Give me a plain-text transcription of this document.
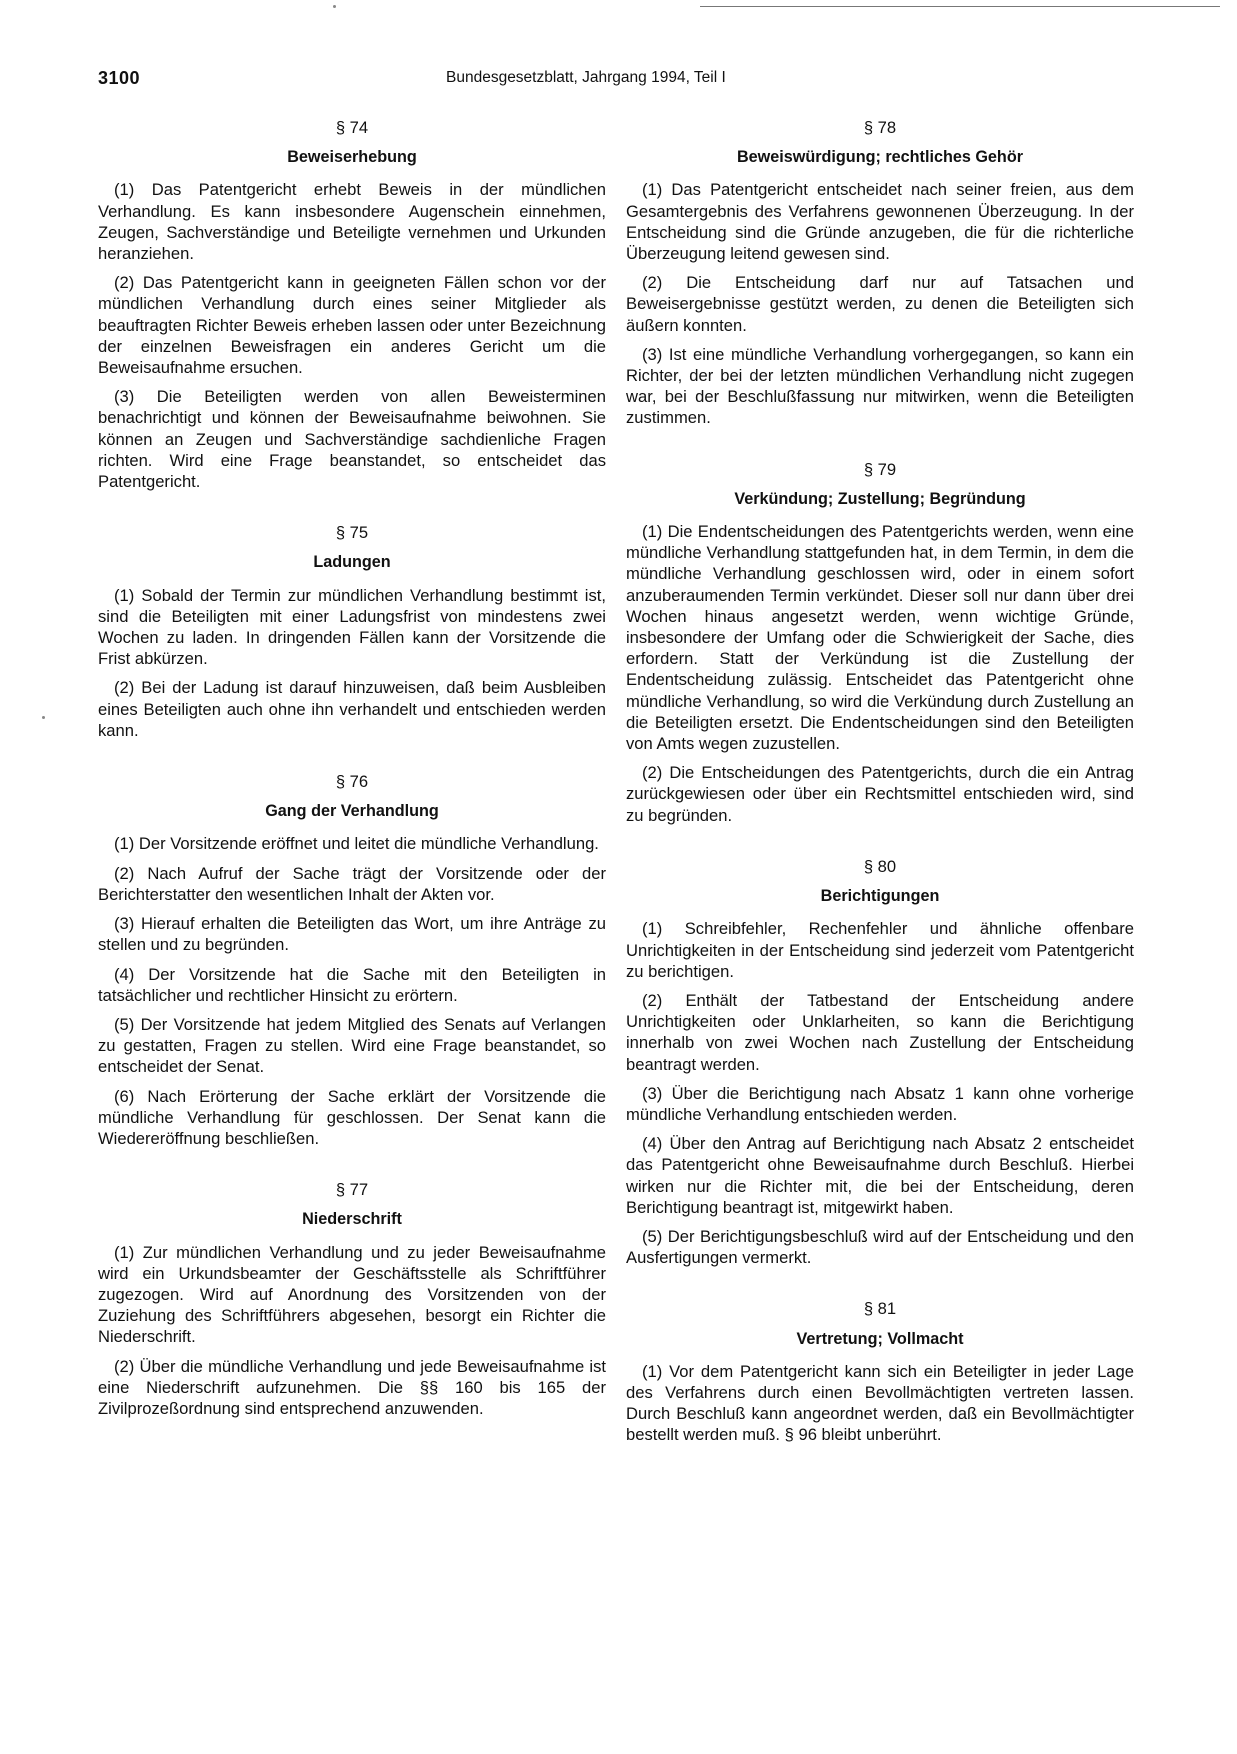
3100	Bundesgesetzblatt, Jahrgang 1994, Teil I
§ 74
Beweiserhebung

(1) Das Patentgericht erhebt Beweis in der mündlichen Verhandlung. Es kann insbesondere Augenschein einnehmen, Zeugen, Sachverständige und Beteiligte vernehmen und Urkunden heranziehen.

(2) Das Patentgericht kann in geeigneten Fällen schon vor der mündlichen Verhandlung durch eines seiner Mitglieder als beauftragten Richter Beweis erheben lassen oder unter Bezeichnung der einzelnen Beweisfragen ein anderes Gericht um die Beweisaufnahme ersuchen.

(3) Die Beteiligten werden von allen Beweisterminen benachrichtigt und können der Beweisaufnahme beiwohnen. Sie können an Zeugen und Sachverständige sachdienliche Fragen richten. Wird eine Frage beanstandet, so entscheidet das Patentgericht.

§ 75
Ladungen

(1) Sobald der Termin zur mündlichen Verhandlung bestimmt ist, sind die Beteiligten mit einer Ladungsfrist von mindestens zwei Wochen zu laden. In dringenden Fällen kann der Vorsitzende die Frist abkürzen.

(2) Bei der Ladung ist darauf hinzuweisen, daß beim Ausbleiben eines Beteiligten auch ohne ihn verhandelt und entschieden werden kann.

§ 76
Gang der Verhandlung

(1) Der Vorsitzende eröffnet und leitet die mündliche Verhandlung.

(2) Nach Aufruf der Sache trägt der Vorsitzende oder der Berichterstatter den wesentlichen Inhalt der Akten vor.

(3) Hierauf erhalten die Beteiligten das Wort, um ihre Anträge zu stellen und zu begründen.

(4) Der Vorsitzende hat die Sache mit den Beteiligten in tatsächlicher und rechtlicher Hinsicht zu erörtern.

(5) Der Vorsitzende hat jedem Mitglied des Senats auf Verlangen zu gestatten, Fragen zu stellen. Wird eine Frage beanstandet, so entscheidet der Senat.

(6) Nach Erörterung der Sache erklärt der Vorsitzende die mündliche Verhandlung für geschlossen. Der Senat kann die Wiedereröffnung beschließen.

§ 77
Niederschrift

(1) Zur mündlichen Verhandlung und zu jeder Beweisaufnahme wird ein Urkundsbeamter der Geschäftsstelle als Schriftführer zugezogen. Wird auf Anordnung des Vorsitzenden von der Zuziehung des Schriftführers abgesehen, besorgt ein Richter die Niederschrift.

(2) Über die mündliche Verhandlung und jede Beweisaufnahme ist eine Niederschrift aufzunehmen. Die §§ 160 bis 165 der Zivilprozeßordnung sind entsprechend anzuwenden.

§ 78
Beweiswürdigung; rechtliches Gehör

(1) Das Patentgericht entscheidet nach seiner freien, aus dem Gesamtergebnis des Verfahrens gewonnenen Überzeugung. In der Entscheidung sind die Gründe anzugeben, die für die richterliche Überzeugung leitend gewesen sind.

(2) Die Entscheidung darf nur auf Tatsachen und Beweisergebnisse gestützt werden, zu denen die Beteiligten sich äußern konnten.

(3) Ist eine mündliche Verhandlung vorhergegangen, so kann ein Richter, der bei der letzten mündlichen Verhandlung nicht zugegen war, bei der Beschlußfassung nur mitwirken, wenn die Beteiligten zustimmen.

§ 79
Verkündung; Zustellung; Begründung

(1) Die Endentscheidungen des Patentgerichts werden, wenn eine mündliche Verhandlung stattgefunden hat, in dem Termin, in dem die mündliche Verhandlung geschlossen wird, oder in einem sofort anzuberaumenden Termin verkündet. Dieser soll nur dann über drei Wochen hinaus angesetzt werden, wenn wichtige Gründe, insbesondere der Umfang oder die Schwierigkeit der Sache, dies erfordern. Statt der Verkündung ist die Zustellung der Endentscheidung zulässig. Entscheidet das Patentgericht ohne mündliche Verhandlung, so wird die Verkündung durch Zustellung an die Beteiligten ersetzt. Die Endentscheidungen sind den Beteiligten von Amts wegen zuzustellen.

(2) Die Entscheidungen des Patentgerichts, durch die ein Antrag zurückgewiesen oder über ein Rechtsmittel entschieden wird, sind zu begründen.

§ 80
Berichtigungen

(1) Schreibfehler, Rechenfehler und ähnliche offenbare Unrichtigkeiten in der Entscheidung sind jederzeit vom Patentgericht zu berichtigen.

(2) Enthält der Tatbestand der Entscheidung andere Unrichtigkeiten oder Unklarheiten, so kann die Berichtigung innerhalb von zwei Wochen nach Zustellung der Entscheidung beantragt werden.

(3) Über die Berichtigung nach Absatz 1 kann ohne vorherige mündliche Verhandlung entschieden werden.

(4) Über den Antrag auf Berichtigung nach Absatz 2 entscheidet das Patentgericht ohne Beweisaufnahme durch Beschluß. Hierbei wirken nur die Richter mit, die bei der Entscheidung, deren Berichtigung beantragt ist, mitgewirkt haben.

(5) Der Berichtigungsbeschluß wird auf der Entscheidung und den Ausfertigungen vermerkt.

§ 81
Vertretung; Vollmacht

(1) Vor dem Patentgericht kann sich ein Beteiligter in jeder Lage des Verfahrens durch einen Bevollmächtigten vertreten lassen. Durch Beschluß kann angeordnet werden, daß ein Bevollmächtigter bestellt werden muß. § 96 bleibt unberührt.
